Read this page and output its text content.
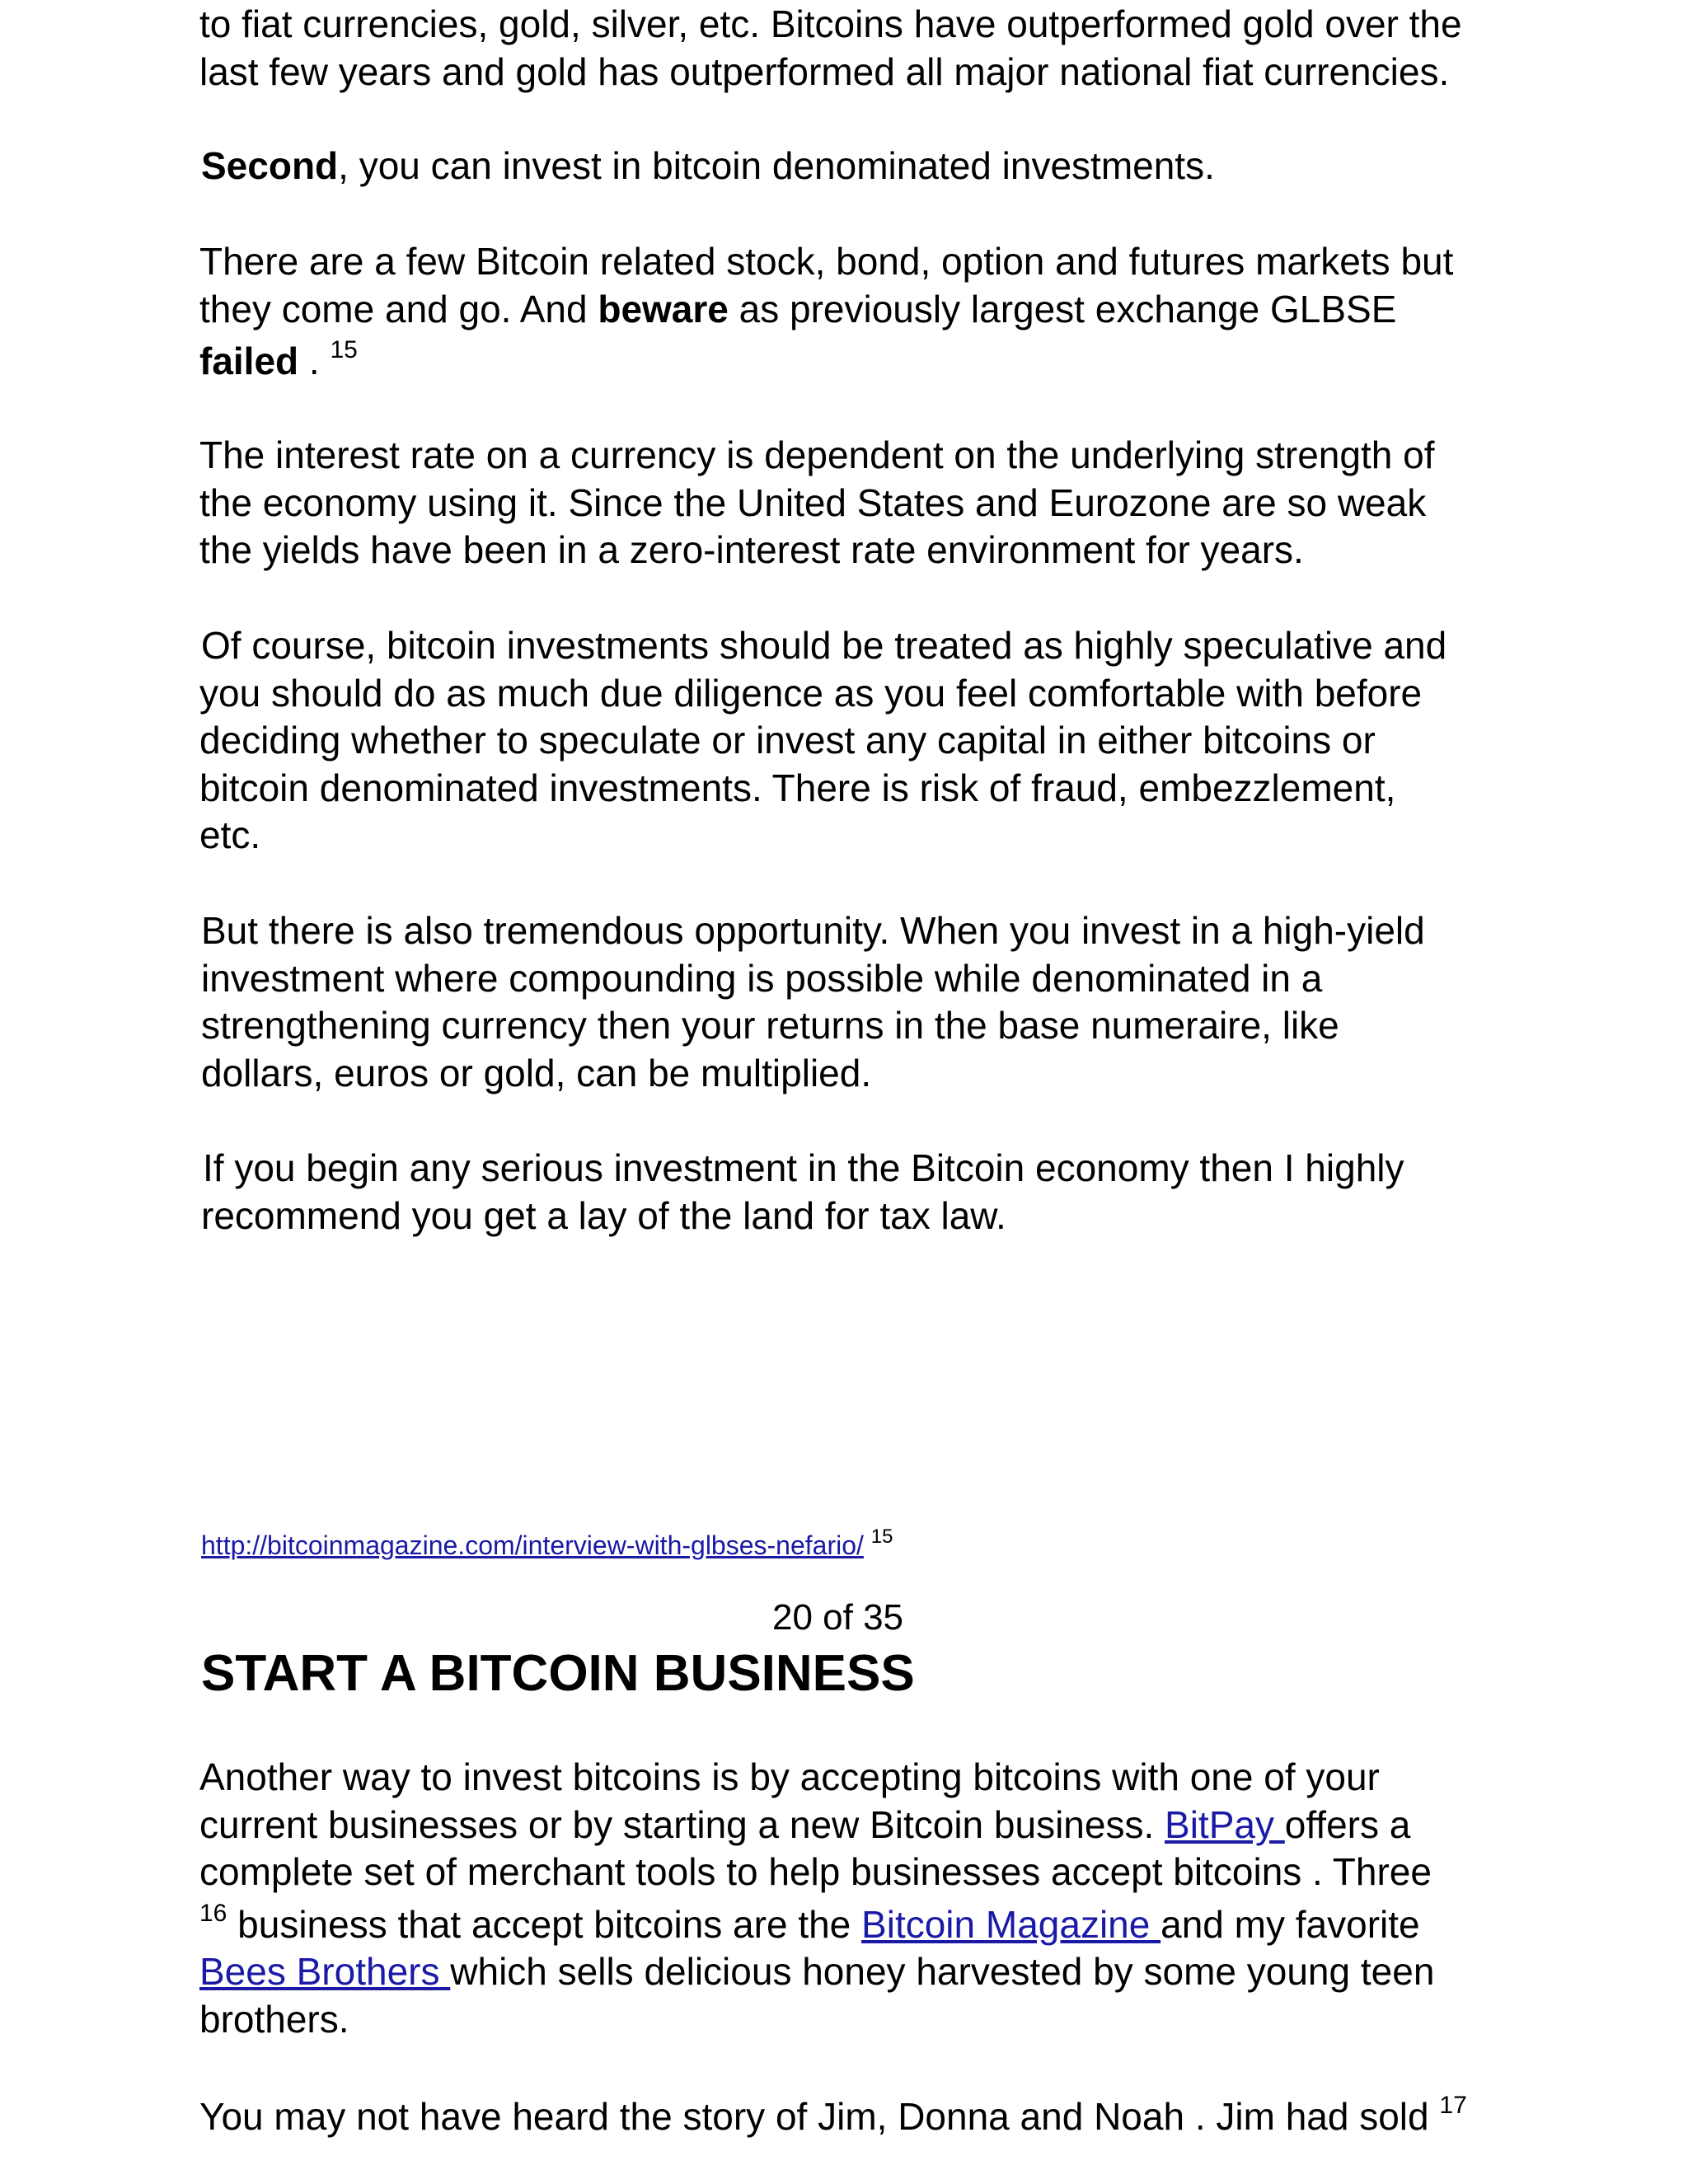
to fiat currencies, gold, silver, etc. Bitcoins have outperformed gold over the
last few years and gold has outperformed all major national fiat currencies.

Second, you can invest in bitcoin denominated investments.

There are a few Bitcoin related stock, bond, option and futures markets but
they come and go. And beware as previously largest exchange GLBSE
failed . $^{15}$

The interest rate on a currency is dependent on the underlying strength of
the economy using it. Since the United States and Eurozone are so weak
the yields have been in a zero-interest rate environment for years.

Of course, bitcoin investments should be treated as highly speculative and
you should do as much due diligence as you feel comfortable with before
deciding whether to speculate or invest any capital in either bitcoins or
bitcoin denominated investments. There is risk of fraud, embezzlement,
etc.

But there is also tremendous opportunity. When you invest in a high-yield
investment where compounding is possible while denominated in a
strengthening currency then your returns in the base numeraire, like
dollars, euros or gold, can be multiplied.

If you begin any serious investment in the Bitcoin economy then I highly
recommend you get a lay of the land for tax law.

http://bitcoinmagazine.com/interview-with-glbses-nefario/ $^{15}$
20 of 35
START A BITCOIN BUSINESS

Another way to invest bitcoins is by accepting bitcoins with one of your
current businesses or by starting a new Bitcoin business. BitPay offers a
complete set of merchant tools to help businesses accept bitcoins . Three
$^{16}$ business that accept bitcoins are the Bitcoin Magazine and my favorite
Bees Brothers which sells delicious honey harvested by some young teen
brothers.

You may not have heard the story of Jim, Donna and Noah . Jim had sold $^{17}$
